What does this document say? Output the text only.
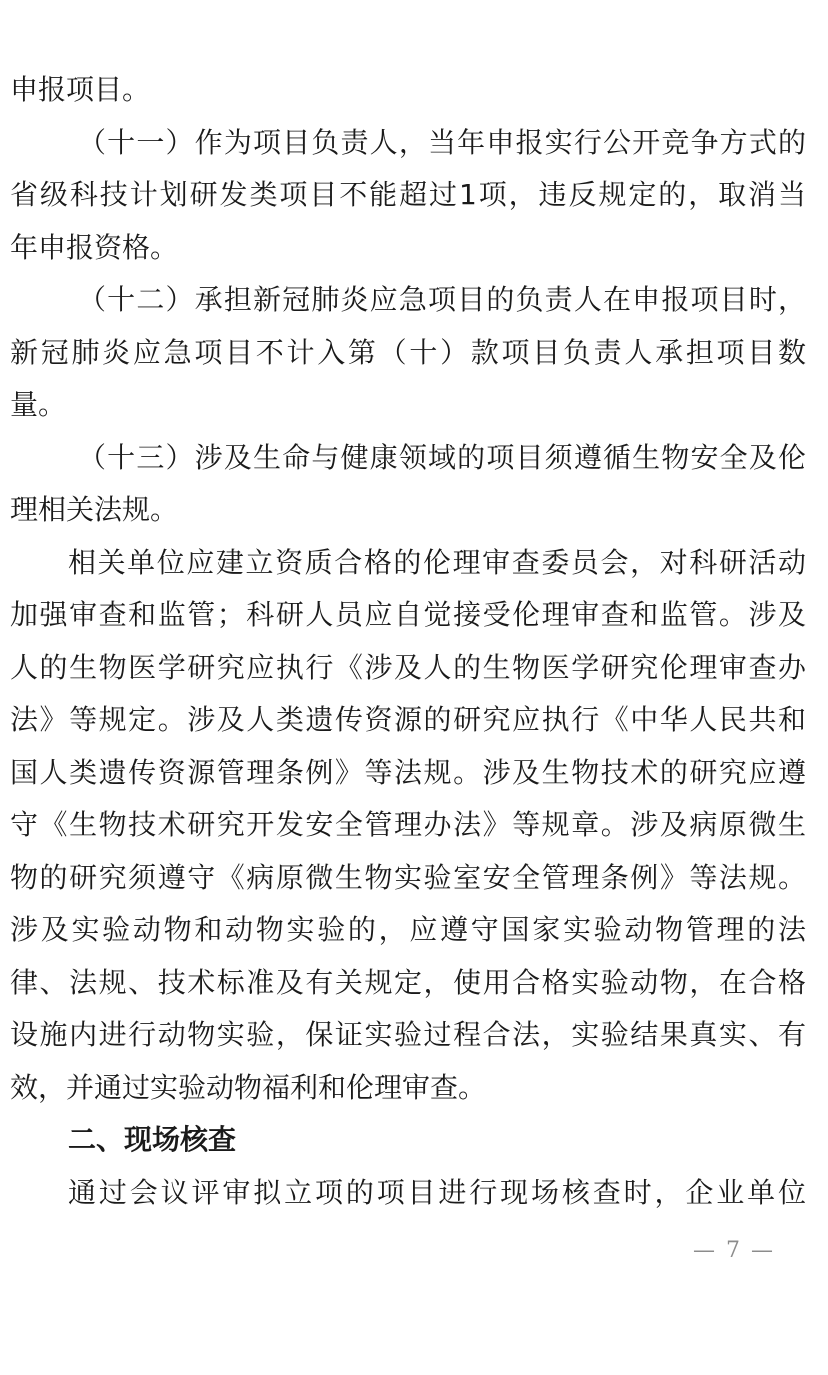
申报项目。
（十一）作为项目负责人，当年申报实行公开竞争方式的
省级科技计划研发类项目不能超过1项，违反规定的，取消当
年申报资格。
（十二）承担新冠肺炎应急项目的负责人在申报项目时，
新冠肺炎应急项目不计入第（十）款项目负责人承担项目数
量。
（十三）涉及生命与健康领域的项目须遵循生物安全及伦
理相关法规。
相关单位应建立资质合格的伦理审查委员会，对科研活动
加强审查和监管；科研人员应自觉接受伦理审查和监管。涉及
人的生物医学研究应执行《涉及人的生物医学研究伦理审查办
法》等规定。涉及人类遗传资源的研究应执行《中华人民共和
国人类遗传资源管理条例》等法规。涉及生物技术的研究应遵
守《生物技术研究开发安全管理办法》等规章。涉及病原微生
物的研究须遵守《病原微生物实验室安全管理条例》等法规。
涉及实验动物和动物实验的，应遵守国家实验动物管理的法
律、法规、技术标准及有关规定，使用合格实验动物，在合格
设施内进行动物实验，保证实验过程合法，实验结果真实、有
效，并通过实验动物福利和伦理审查。
二、现场核查
通过会议评审拟立项的项目进行现场核查时，企业单位
— 7 —
